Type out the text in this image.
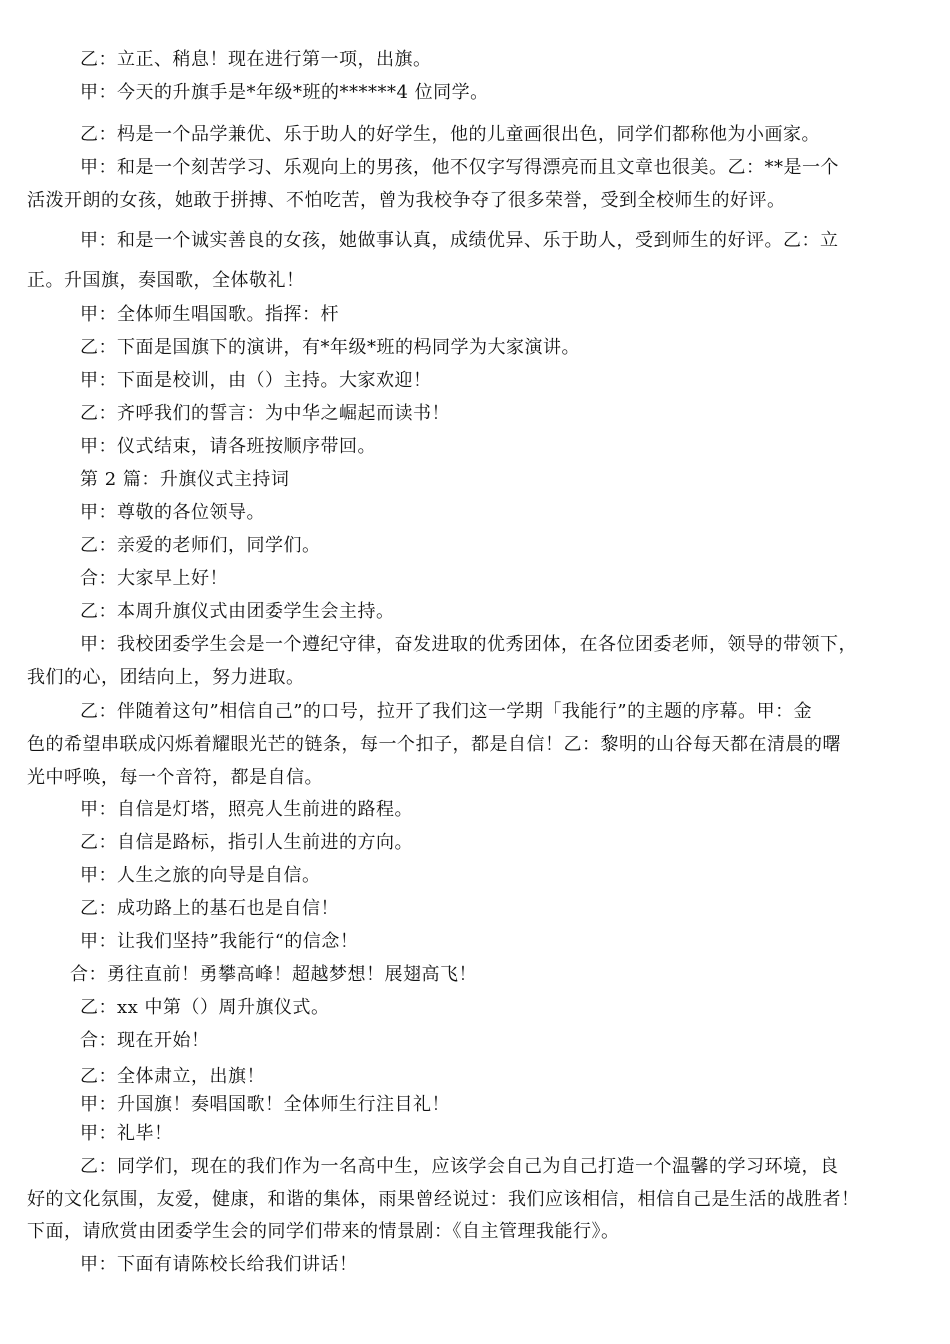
乙：立正、稍息！现在进行第一项，出旗。

甲：今天的升旗手是*年级*班的******4 位同学。

乙：杩是一个品学兼优、乐于助人的好学生，他的儿童画很出色，同学们都称他为小画家。

甲：和是一个刻苦学习、乐观向上的男孩，他不仅字写得漂亮而且文章也很美。乙：**是一个

活泼开朗的女孩，她敢于拼搏、不怕吃苦，曾为我校争夺了很多荣誉，受到全校师生的好评。

甲：和是一个诚实善良的女孩，她做事认真，成绩优异、乐于助人，受到师生的好评。乙：立

正。升国旗，奏国歌，全体敬礼！

甲：全体师生唱国歌。指挥：杆

乙：下面是国旗下的演讲，有*年级*班的杩同学为大家演讲。

甲：下面是校训，由（）主持。大家欢迎！

乙：齐呼我们的誓言：为中华之崛起而读书！

甲：仪式结束，请各班按顺序带回。

第 2 篇：升旗仪式主持词

甲：尊敬的各位领导。

乙：亲爱的老师们，同学们。

合：大家早上好！

乙：本周升旗仪式由团委学生会主持。

甲：我校团委学生会是一个遵纪守律，奋发进取的优秀团体，在各位团委老师，领导的带领下，

我们的心，团结向上，努力进取。

乙：伴随着这句”相信自己”的口号，拉开了我们这一学期「我能行”的主题的序幕。甲：金

色的希望串联成闪烁着耀眼光芒的链条，每一个扣子，都是自信！乙：黎明的山谷每天都在清晨的曙

光中呼唤，每一个音符，都是自信。

甲：自信是灯塔，照亮人生前进的路程。

乙：自信是路标，指引人生前进的方向。

甲：人生之旅的向导是自信。

乙：成功路上的基石也是自信！

甲：让我们坚持”我能行“的信念！

合：勇往直前！勇攀高峰！超越梦想！展翅高飞！

乙：xx 中第（）周升旗仪式。

合：现在开始！

乙：全体肃立，出旗！

甲：升国旗！奏唱国歌！全体师生行注目礼！

甲：礼毕！

乙：同学们，现在的我们作为一名高中生，应该学会自己为自己打造一个温馨的学习环境，良

好的文化氛围，友爱，健康，和谐的集体，雨果曾经说过：我们应该相信，相信自己是生活的战胜者！

下面，请欣赏由团委学生会的同学们带来的情景剧：《自主管理我能行》。

甲：下面有请陈校长给我们讲话！
